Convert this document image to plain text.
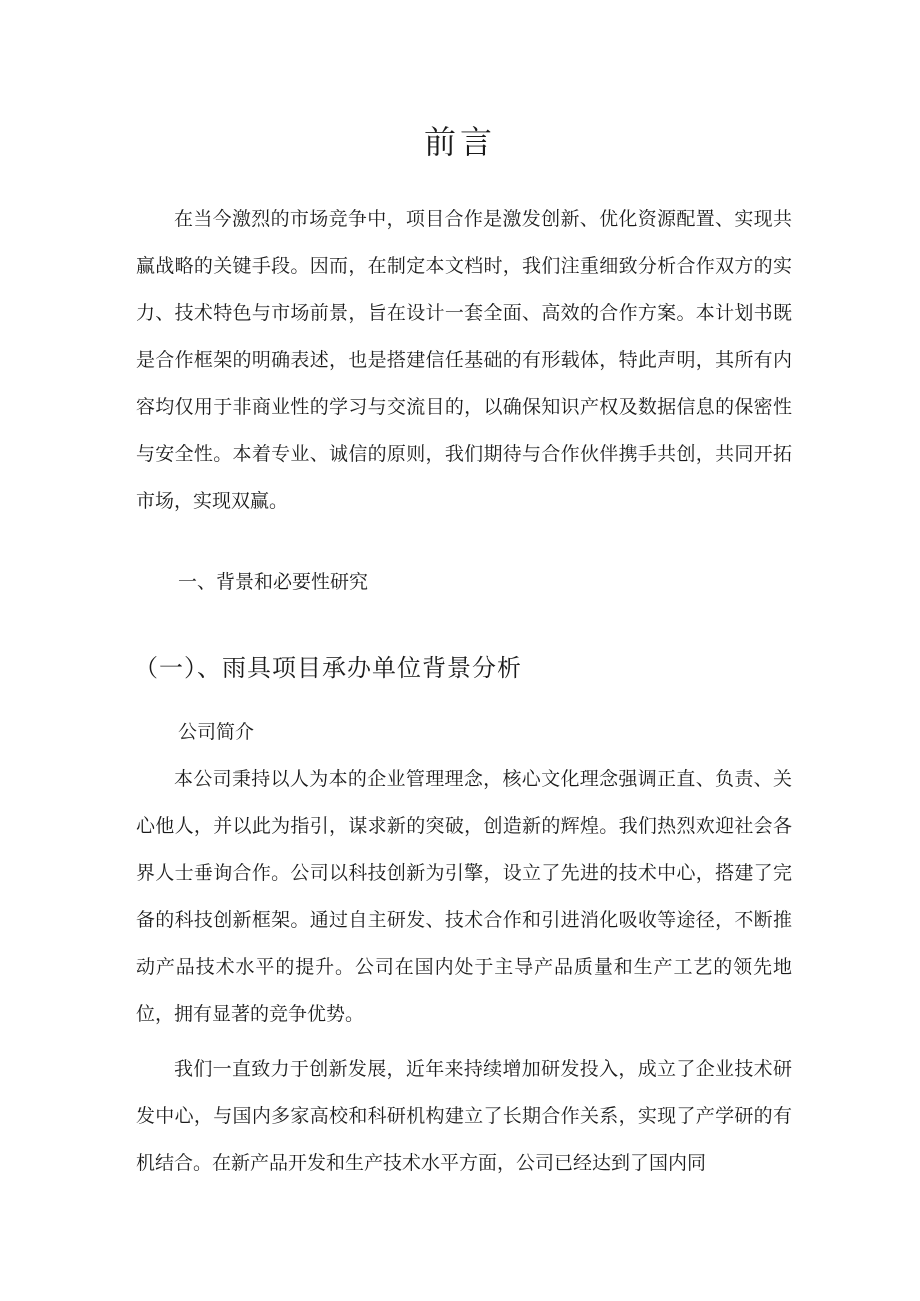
前言

在当今激烈的市场竞争中，项目合作是激发创新、优化资源配置、实现共赢战略的关键手段。因而，在制定本文档时，我们注重细致分析合作双方的实力、技术特色与市场前景，旨在设计一套全面、高效的合作方案。本计划书既是合作框架的明确表述，也是搭建信任基础的有形载体，特此声明，其所有内容均仅用于非商业性的学习与交流目的，以确保知识产权及数据信息的保密性与安全性。本着专业、诚信的原则，我们期待与合作伙伴携手共创，共同开拓市场，实现双赢。

一、背景和必要性研究
（一）、雨具项目承办单位背景分析
公司简介

本公司秉持以人为本的企业管理理念，核心文化理念强调正直、负责、关心他人，并以此为指引，谋求新的突破，创造新的辉煌。我们热烈欢迎社会各界人士垂询合作。公司以科技创新为引擎，设立了先进的技术中心，搭建了完备的科技创新框架。通过自主研发、技术合作和引进消化吸收等途径，不断推动产品技术水平的提升。公司在国内处于主导产品质量和生产工艺的领先地位，拥有显著的竞争优势。

我们一直致力于创新发展，近年来持续增加研发投入，成立了企业技术研发中心，与国内多家高校和科研机构建立了长期合作关系，实现了产学研的有机结合。在新产品开发和生产技术水平方面，公司已经达到了国内同
